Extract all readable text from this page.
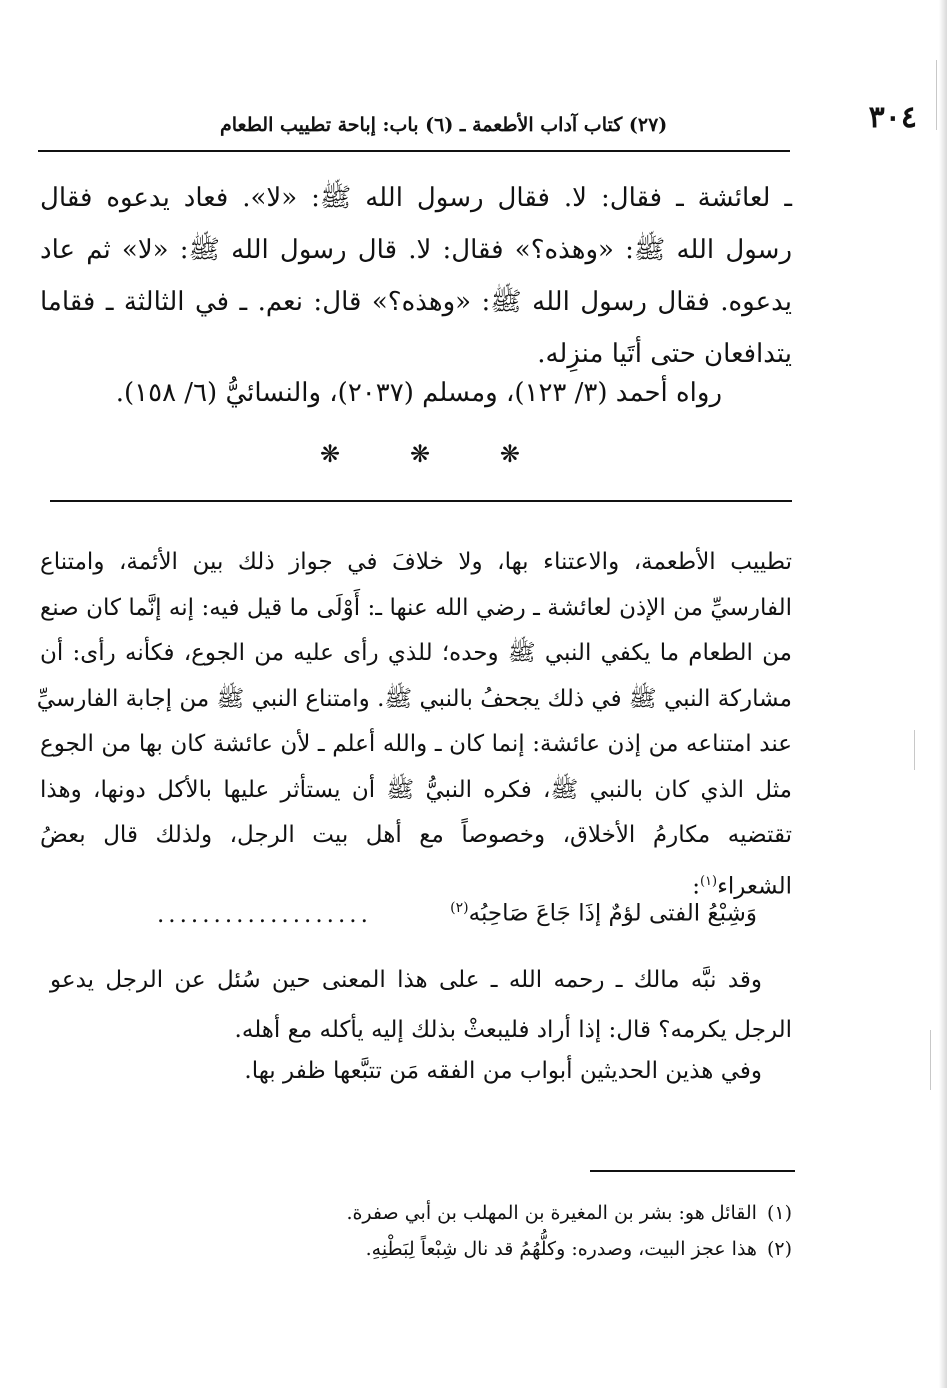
٣٠٤
(٢٧) كتاب آداب الأطعمة ـ (٦) باب: إباحة تطييب الطعام
ـ لعائشة ـ فقال: لا. فقال رسول الله ﷺ: «لا». فعاد يدعوه فقال
رسول الله ﷺ: «وهذه؟» فقال: لا. قال رسول الله ﷺ: «لا» ثم عاد
يدعوه. فقال رسول الله ﷺ: «وهذه؟» قال: نعم. ـ في الثالثة ـ فقاما
يتدافعان حتى أتَيا منزِله.
رواه أحمد (٣/ ١٢٣)، ومسلم (٢٠٣٧)، والنسائيُّ (٦/ ١٥٨).
❋	❋	❋
تطييب الأطعمة، والاعتناء بها، ولا خلافَ في جواز ذلك بين الأئمة، وامتناع
الفارسيِّ من الإذن لعائشة ـ رضي الله عنها ـ: أَوْلَى ما قيل فيه: إنه إنَّما كان صنع
من الطعام ما يكفي النبي ﷺ وحده؛ للذي رأى عليه من الجوع، فكأنه رأى: أن
مشاركة النبي ﷺ في ذلك يجحفُ بالنبي ﷺ. وامتناع النبي ﷺ من إجابة الفارسيِّ
عند امتناعه من إذن عائشة: إنما كان ـ والله أعلم ـ لأن عائشة كان بها من الجوع
مثل الذي كان بالنبي ﷺ، فكره النبيُّ ﷺ أن يستأثر عليها بالأكل دونها، وهذا
تقتضيه مكارمُ الأخلاق، وخصوصاً مع أهل بيت الرجل، ولذلك قال بعضُ
الشعراء$^{(١)}$:
وَشِبْعُ الفتى لؤمٌ إذَا جَاعَ صَاحِبُه$^{(٢)}$
...................
وقد نبَّه مالك ـ رحمه الله ـ على هذا المعنى حين سُئل عن الرجل يدعو
الرجل يكرمه؟ قال: إذا أراد فليبعثْ بذلك إليه يأكله مع أهله.
وفي هذين الحديثين أبواب من الفقه مَن تتبَّعها ظفر بها.
(١)القائل هو: بشر بن المغيرة بن المهلب بن أبي صفرة.
(٢)هذا عجز البيت، وصدره: وكلُّهُمُ قد نال شِبْعاً لِبَطْنِهِ.
